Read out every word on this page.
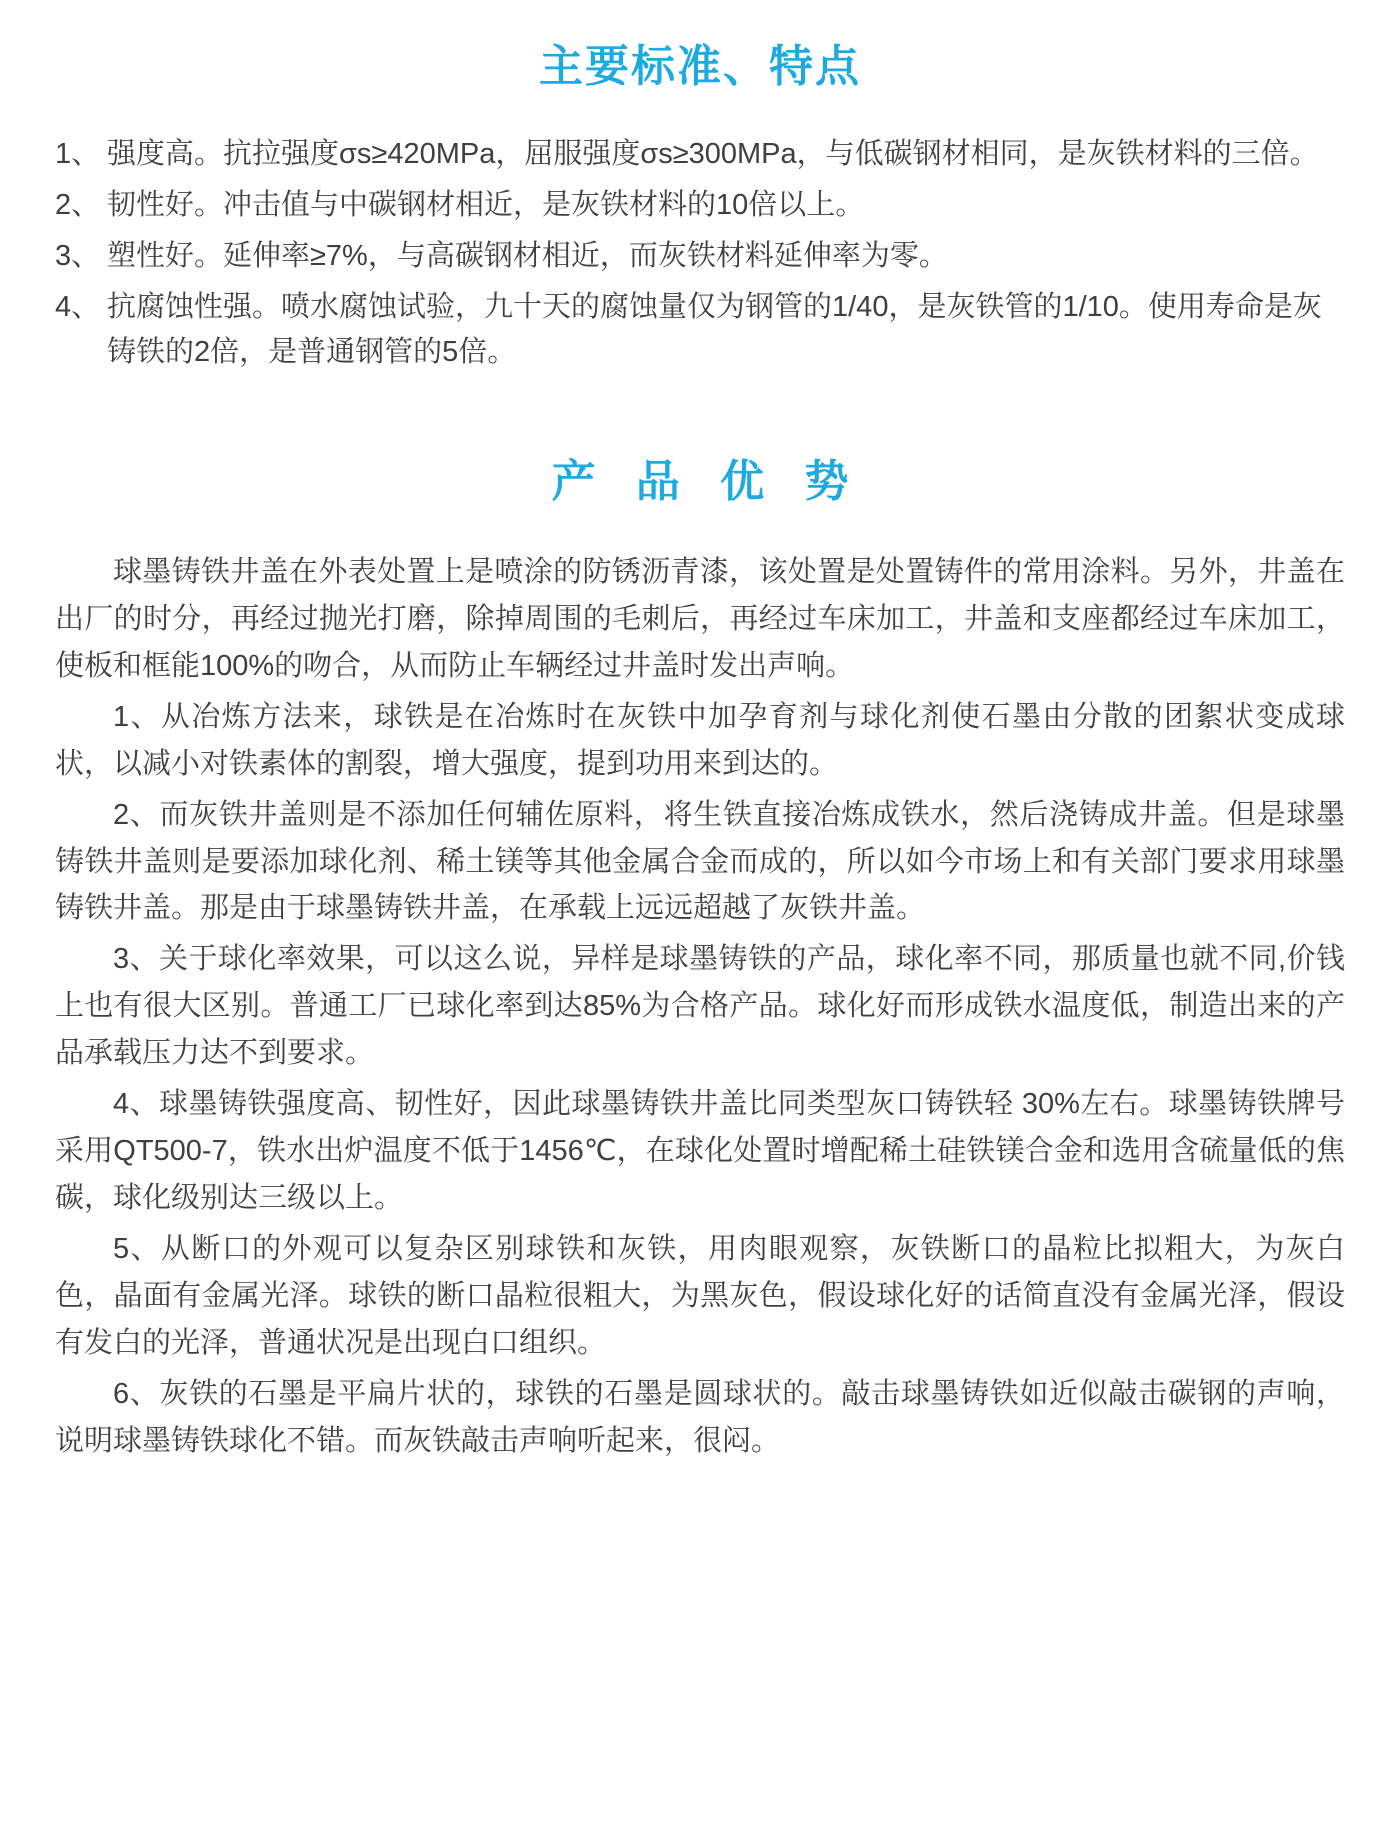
主要标准、特点
1、 强度高。抗拉强度σs≥420MPa，屈服强度σs≥300MPa，与低碳钢材相同，是灰铁材料的三倍。
2、 韧性好。冲击值与中碳钢材相近，是灰铁材料的10倍以上。
3、 塑性好。延伸率≥7%，与高碳钢材相近，而灰铁材料延伸率为零。
4、 抗腐蚀性强。喷水腐蚀试验，九十天的腐蚀量仅为钢管的1/40，是灰铁管的1/10。使用寿命是灰铸铁的2倍，是普通钢管的5倍。
产 品 优 势

球墨铸铁井盖在外表处置上是喷涂的防锈沥青漆，该处置是处置铸件的常用涂料。另外，井盖在出厂的时分，再经过抛光打磨，除掉周围的毛刺后，再经过车床加工，井盖和支座都经过车床加工，使板和框能100%的吻合，从而防止车辆经过井盖时发出声响。

1、从冶炼方法来，球铁是在冶炼时在灰铁中加孕育剂与球化剂使石墨由分散的团絮状变成球状，以减小对铁素体的割裂，增大强度，提到功用来到达的。

2、而灰铁井盖则是不添加任何辅佐原料，将生铁直接冶炼成铁水，然后浇铸成井盖。但是球墨铸铁井盖则是要添加球化剂、稀土镁等其他金属合金而成的，所以如今市场上和有关部门要求用球墨铸铁井盖。那是由于球墨铸铁井盖，在承载上远远超越了灰铁井盖。

3、关于球化率效果，可以这么说，异样是球墨铸铁的产品，球化率不同，那质量也就不同,价钱上也有很大区别。普通工厂已球化率到达85%为合格产品。球化好而形成铁水温度低，制造出来的产品承载压力达不到要求。

4、球墨铸铁强度高、韧性好，因此球墨铸铁井盖比同类型灰口铸铁轻 30%左右。球墨铸铁牌号采用QT500-7，铁水出炉温度不低于1456℃，在球化处置时增配稀土硅铁镁合金和选用含硫量低的焦碳，球化级别达三级以上。

5、从断口的外观可以复杂区别球铁和灰铁，用肉眼观察，灰铁断口的晶粒比拟粗大，为灰白色，晶面有金属光泽。球铁的断口晶粒很粗大，为黑灰色，假设球化好的话简直没有金属光泽，假设有发白的光泽，普通状况是出现白口组织。

6、灰铁的石墨是平扁片状的，球铁的石墨是圆球状的。敲击球墨铸铁如近似敲击碳钢的声响，说明球墨铸铁球化不错。而灰铁敲击声响听起来，很闷。
